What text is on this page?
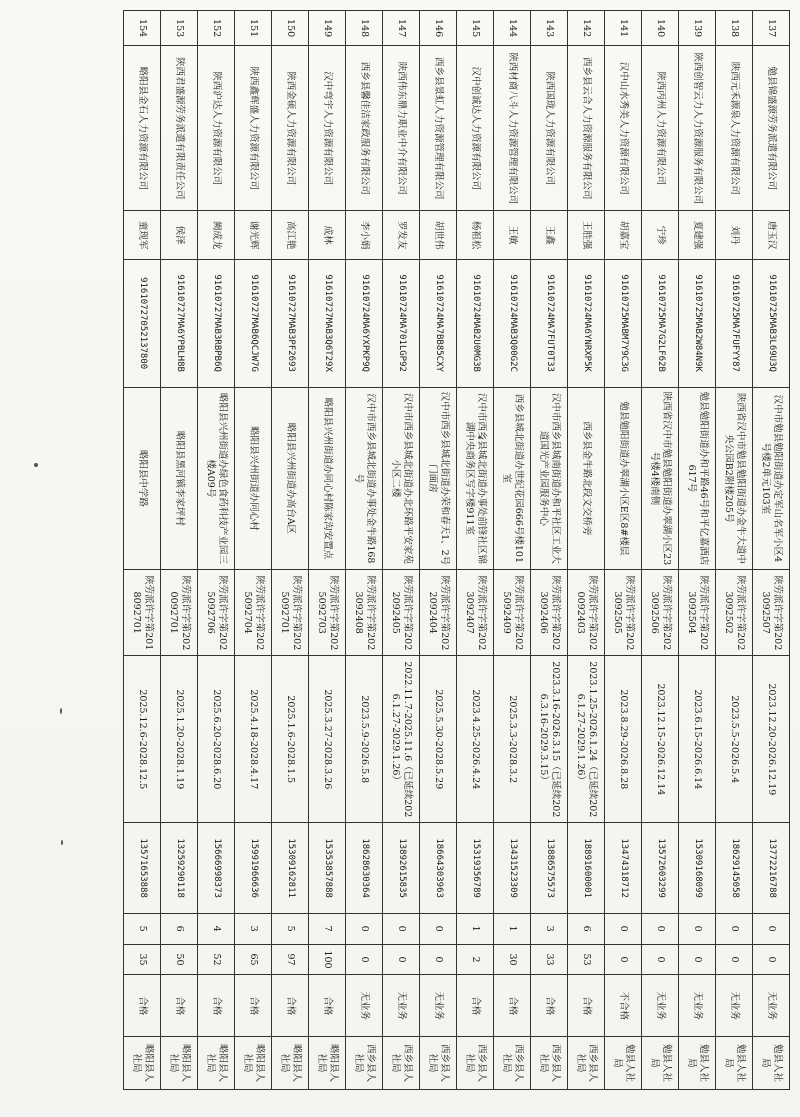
137	勉县锦盛源劳务派遣有限公司	唐玉汉	91610725MAB3L69U3Q	汉中市勉县勉阳街道办定军山名军小区4号楼2单元103室	陕劳派许字第2023092507	2023.12.20-2026.12.19	13772216788	0	0	无业务	勉县人社局
138	陕西元禾源泉人力资源有限公司	刘丹	91610725MA7FUFYY87	陕西省汉中市勉县勉阳街道办金牛大道中央公园B2附楼205号	陕劳派许字第2023092502	2023.5.5-2026.5.4	18629145058	0	0	无业务	勉县人社局
139	陕西创智云力人力资源服务有限公司	夏建强	91610725MAB2W84N9K	勉县勉阳街道办和平路46号和平亿嘉酒店617号	陕劳派许字第2023092504	2023.6.15-2026.6.14	15309168099	0	0	无业务	勉县人社局
140	陕西丙州人力资源有限公司	宁珍	91610725MA7G2LF62B	陕西省汉中市勉县勉阳街道办翠湖小区23号楼4楼南侧	陕劳派许字第2023092506	2023.12.15-2026.12.14	13572603299	0	0	无业务	勉县人社局
141	汉中山水秀美人力资源有限公司	胡嘉宝	91610725MABM7Y9C3G	勉县勉阳街道办翠湖小区E区8#楼层	陕劳派许字第2023092505	2023.8.29-2026.8.28	13474318712	0	0	不合格	勉县人社局
142	西乡县云合人力资源服务有限公司	王胜强	91610724MA6YNRXP5K	西乡县金牛路北段文交桥旁	陕劳派许字第2020092403	2023.1.25-2026.1.24（已延续2026.1.27-2029.1.26）	18891600001	6	53	合格	西乡县人社局
143	陕西国珑人力资源有限公司	王鑫	91610724MA7FUT0T33	汉中市西乡县城南街道办和平社区工业大道国光产业园服务中心	陕劳派许字第2023092406	2023.3.16-2026.3.15（已延续2026.3.16-2029.3.15）	13886575573	3	33	合格	西乡县人社局
144	陕西材商八斗人力资源管理有限公司	王敏	91610724MAB3Q00G2C	西乡县城北街道办世纪花园666号楼101室	陕劳派许字第2025092409	2025.3.3-2028.3.2	13431523309	1	30	合格	西乡县人社局
145	汉中创诚达人力资源有限公司	杨祖松	91610724MAB2U0MG3B	汉中市西乡县城北街道办事处前锋社区锦湖中央商务区写字楼911室	陕劳派许字第2023092407	2023.4.25-2026.4.24	15319356789	1	2	合格	西乡县人社局
146	西乡县景虹人力资源管理有限公司	胡世伟	91610724MA7BB85CXY	汉中市西乡县城北街道办荣和春天1、2号门面房	陕劳派许字第2022092404	2025.5.30-2028.5.29	18664303963	0	0	无业务	西乡县人社局
147	陕西伟东鼎力职业中介有限公司	罗发友	91610724MA701LGP92	汉中市西乡县城北街道办北环路平安家苑小区二楼	陕劳派许字第2022092405	2022.11.7-2025.11.6（已延续2026.1.27-2029.1.26）	13892615835	0	0	无业务	西乡县人社局
148	西乡县馨佳洁家政服务有限公司	李小娟	91610724MA6YXPKP9Q	汉中市西乡县城北街道办事处金牛路168号	陕劳派许字第2023092408	2023.5.9-2026.5.8	18628630364	0	0	无业务	西乡县人社局
149	汉中弯宇人力资源有限公司	成林	91610727MAB3Q6T29X	略阳县兴州街道办同心村陈家沟安置点	陕劳派许字第2025092703	2025.3.27-2028.3.26	15353857888	7	100	合格	略阳县人社局
150	陕西金硕人力资源有限公司	高江艳	91610727MAB3PF2693	略阳县兴州街道办高台A区	陕劳派许字第2025092701	2025.1.6-2028.1.5	15309162811	5	97	合格	略阳县人社局
151	陕西鑫辉盛人力资源有限公司	谢光辉	91610727MAB6QCJW7G	略阳县兴州街道办同心村	陕劳派许字第2025092704	2025.4.18-2028.4.17	15991966636	3	65	合格	略阳县人社局
152	陕西沪达人力资源有限公司	阙成龙	91610727MAB3RBPB6Q	略阳县兴州街道办绿色食药科技产业园三楼A09号	陕劳派许字第2025092706	2025.6.20-2028.6.20	15666998373	4	52	合格	略阳县人社局
153	陕西君盛源劳务派遣有限责任公司	侯泽	91610727MA6YPBLH8B	略阳县黑河镇李家坪村	陕劳派许字第2020092701	2025.1.20-2028.1.19	13259290118	6	50	合格	略阳县人社局
154	略阳县金石人力资源有限公司	童现军	91610727052137800	略阳县中学路	陕劳派许字第2018092701	2025.12.6-2028.12.5	13571653888	5	35	合格	略阳县人社局
